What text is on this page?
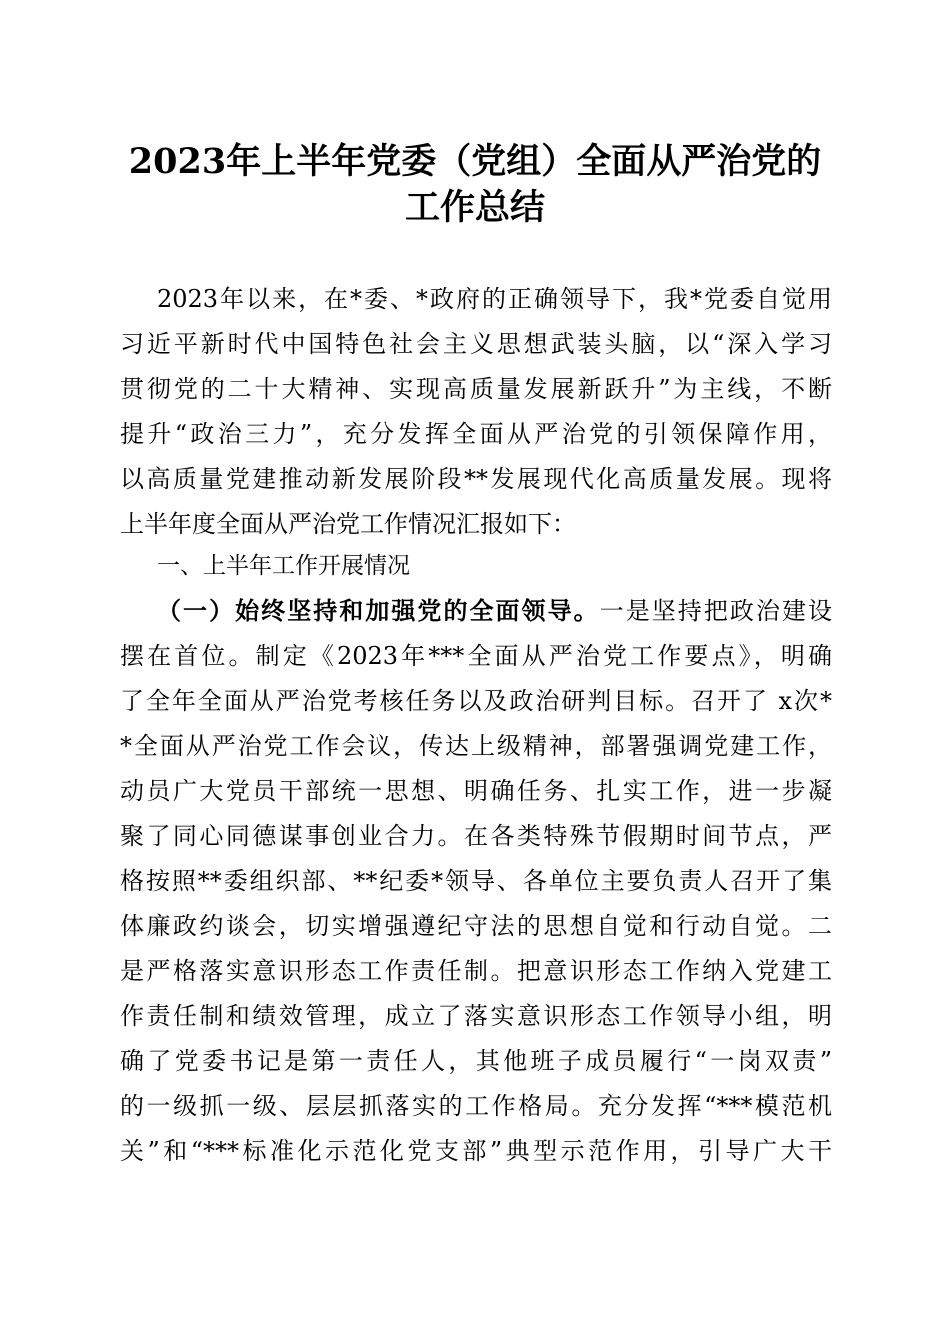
2023年上半年党委（党组）全面从严治党的
工作总结
2023年以来，在*委、*政府的正确领导下，我*党委自觉用
习近平新时代中国特色社会主义思想武装头脑，以“深入学习
贯彻党的二十大精神、实现高质量发展新跃升”为主线，不断
提升“政治三力”，充分发挥全面从严治党的引领保障作用，
以高质量党建推动新发展阶段**发展现代化高质量发展。现将
上半年度全面从严治党工作情况汇报如下：
一、上半年工作开展情况
（一）始终坚持和加强党的全面领导。一是坚持把政治建设
摆在首位。制定《2023年***全面从严治党工作要点》，明确
了全年全面从严治党考核任务以及政治研判目标。召开了 x次*
*全面从严治党工作会议，传达上级精神，部署强调党建工作，
动员广大党员干部统一思想、明确任务、扎实工作，进一步凝
聚了同心同德谋事创业合力。在各类特殊节假期时间节点，严
格按照**委组织部、**纪委*领导、各单位主要负责人召开了集
体廉政约谈会，切实增强遵纪守法的思想自觉和行动自觉。二
是严格落实意识形态工作责任制。把意识形态工作纳入党建工
作责任制和绩效管理，成立了落实意识形态工作领导小组，明
确了党委书记是第一责任人，其他班子成员履行“一岗双责”
的一级抓一级、层层抓落实的工作格局。充分发挥“***模范机
关”和“***标准化示范化党支部”典型示范作用，引导广大干
